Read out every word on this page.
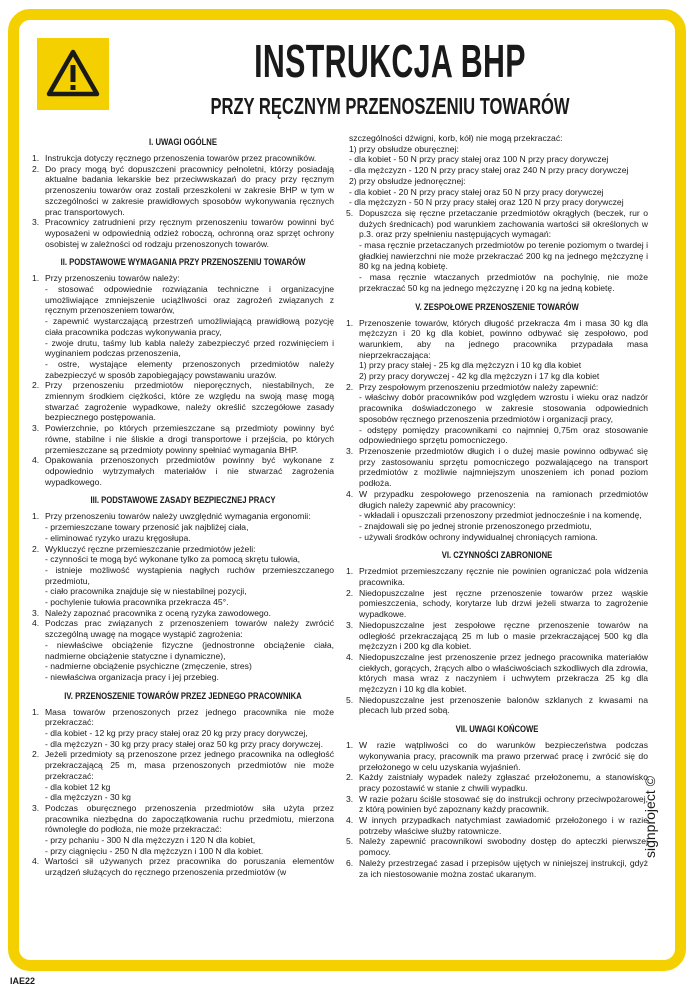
INSTRUKCJA BHP
PRZY RĘCZNYM PRZENOSZENIU TOWARÓW
I. UWAGI OGÓLNE
1. Instrukcja dotyczy ręcznego przenoszenia towarów przez pracowników.
2. Do pracy mogą być dopuszczeni pracownicy pełnoletni, którzy posiadają aktualne badania lekarskie bez przeciwwskazań do pracy przy ręcznym przenoszeniu towarów oraz zostali przeszkoleni w zakresie BHP w tym w szczególności w zakresie prawidłowych sposobów wykonywania ręcznych prac transportowych.
3. Pracownicy zatrudnieni przy ręcznym przenoszeniu towarów powinni być wyposażeni w odpowiednią odzież roboczą, ochronną oraz sprzęt ochrony osobistej w zależności od rodzaju przenoszonych towarów.
II. PODSTAWOWE WYMAGANIA PRZY PRZENOSZENIU TOWARÓW
1. Przy przenoszeniu towarów należy:
- stosować odpowiednie rozwiązania techniczne i organizacyjne umożliwiające zmniejszenie uciążliwości oraz zagrożeń związanych z ręcznym przenoszeniem towarów,
- zapewnić wystarczającą przestrzeń umożliwiającą prawidłową pozycję ciała pracownika podczas wykonywania pracy,
- zwoje drutu, taśmy lub kabla należy zabezpieczyć przed rozwinięciem i wyginaniem podczas przenoszenia,
- ostre, wystające elementy przenoszonych przedmiotów należy zabezpieczyć w sposób zapobiegający powstawaniu urazów.
2. Przy przenoszeniu przedmiotów nieporęcznych, niestabilnych, ze zmiennym środkiem ciężkości, które ze względu na swoją masę mogą stwarzać zagrożenie wypadkowe, należy określić szczegółowe zasady bezpiecznego postępowania.
3. Powierzchnie, po których przemieszczane są przedmioty powinny być równe, stabilne i nie śliskie a drogi transportowe i przejścia, po których przemieszczane są przedmioty powinny spełniać wymagania BHP.
4. Opakowania przenoszonych przedmiotów powinny być wykonane z odpowiednio wytrzymałych materiałów i nie stwarzać zagrożenia wypadkowego.
III. PODSTAWOWE ZASADY BEZPIECZNEJ PRACY
1. Przy przenoszeniu towarów należy uwzględnić wymagania ergonomii:
- przemieszczane towary przenosić jak najbliżej ciała,
- eliminować ryzyko urazu kręgosłupa.
2. Wykluczyć ręczne przemieszczanie przedmiotów jeżeli:
- czynności te mogą być wykonane tylko za pomocą skrętu tułowia,
- istnieje możliwość wystąpienia nagłych ruchów przemieszczanego przedmiotu,
- ciało pracownika znajduje się w niestabilnej pozycji,
- pochylenie tułowia pracownika przekracza 45°.
3. Należy zapoznać pracownika z oceną ryzyka zawodowego.
4. Podczas prac związanych z przenoszeniem towarów należy zwrócić szczególną uwagę na mogące wystąpić zagrożenia:
- niewłaściwe obciążenie fizyczne (jednostronne obciążenie ciała, nadmierne obciążenie statyczne i dynamiczne),
- nadmierne obciążenie psychiczne (zmęczenie, stres)
- niewłaściwa organizacja pracy i jej przebieg.
IV. PRZENOSZENIE TOWARÓW PRZEZ JEDNEGO PRACOWNIKA
1. Masa towarów przenoszonych przez jednego pracownika nie może przekraczać:
- dla kobiet - 12 kg przy pracy stałej oraz 20 kg przy pracy dorywczej,
- dla mężczyzn - 30 kg przy pracy stałej oraz 50 kg przy pracy dorywczej.
2. Jeżeli przedmioty są przenoszone przez jednego pracownika na odległość przekraczającą 25 m, masa przenoszonych przedmiotów nie może przekraczać:
- dla kobiet 12 kg
- dla mężczyzn - 30 kg
3. Podczas oburęcznego przenoszenia przedmiotów siła użyta przez pracownika niezbędna do zapoczątkowania ruchu przedmiotu, mierzona równolegle do podłoża, nie może przekraczać:
- przy pchaniu - 300 N dla mężczyzn i 120 N dla kobiet,
- przy ciągnięciu - 250 N dla mężczyzn i 100 N dla kobiet.
4. Wartości sił używanych przez pracownika do poruszania elementów urządzeń służących do ręcznego przenoszenia przedmiotów (w
szczególności dźwigni, korb, kół) nie mogą przekraczać:
1) przy obsłudze oburęcznej:
- dla kobiet - 50 N przy pracy stałej oraz 100 N przy pracy dorywczej
- dla mężczyzn - 120 N przy pracy stałej oraz 240 N przy pracy dorywczej
2) przy obsłudze jednoręcznej:
- dla kobiet - 20 N przy pracy stałej oraz 50 N przy pracy dorywczej
- dla mężczyzn - 50 N przy pracy stałej oraz 120 N przy pracy dorywczej
5. Dopuszcza się ręczne przetaczanie przedmiotów okrągłych (beczek, rur o dużych średnicach) pod warunkiem zachowania wartości sił określonych w p.3. oraz przy spełnieniu następujących wymagań:
- masa ręcznie przetaczanych przedmiotów po terenie poziomym o twardej i gładkiej nawierzchni nie może przekraczać 200 kg na jednego mężczyznę i 80 kg na jedną kobietę.
- masa ręcznie wtaczanych przedmiotów na pochylnię, nie może przekraczać 50 kg na jednego mężczyznę i 20 kg na jedną kobietę.
V. ZESPOŁOWE PRZENOSZENIE TOWARÓW
1. Przenoszenie towarów, których długość przekracza 4m i masa 30 kg dla mężczyzn i 20 kg dla kobiet, powinno odbywać się zespołowo, pod warunkiem, aby na jednego pracownika przypadała masa nieprzekraczająca:
1) przy pracy stałej - 25 kg dla mężczyzn i 10 kg dla kobiet
2) przy pracy dorywczej - 42 kg dla mężczyzn i 17 kg dla kobiet
2. Przy zespołowym przenoszeniu przedmiotów należy zapewnić:
- właściwy dobór pracowników pod względem wzrostu i wieku oraz nadzór pracownika doświadczonego w zakresie stosowania odpowiednich sposobów ręcznego przenoszenia przedmiotów i organizacji pracy,
- odstępy pomiędzy pracownikami co najmniej 0,75m oraz stosowanie odpowiedniego sprzętu pomocniczego.
3. Przenoszenie przedmiotów długich i o dużej masie powinno odbywać się przy zastosowaniu sprzętu pomocniczego pozwalającego na transport przedmiotów z możliwie najmniejszym unoszeniem ich ponad poziom podłoża.
4. W przypadku zespołowego przenoszenia na ramionach przedmiotów długich należy zapewnić aby pracownicy:
- wkładali i opuszczali przenoszony przedmiot jednocześnie i na komendę,
- znajdowali się po jednej stronie przenoszonego przedmiotu,
- używali środków ochrony indywidualnej chroniących ramiona.
VI. CZYNNOŚCI ZABRONIONE
1. Przedmiot przemieszczany ręcznie nie powinien ograniczać pola widzenia pracownika.
2. Niedopuszczalne jest ręczne przenoszenie towarów przez wąskie pomieszczenia, schody, korytarze lub drzwi jeżeli stwarza to zagrożenie wypadkowe.
3. Niedopuszczalne jest zespołowe ręczne przenoszenie towarów na odległość przekraczającą 25 m lub o masie przekraczającej 500 kg dla mężczyzn i 200 kg dla kobiet.
4. Niedopuszczalne jest przenoszenie przez jednego pracownika materiałów ciekłych, gorących, żrących albo o właściwościach szkodliwych dla zdrowia, których masa wraz z naczyniem i uchwytem przekracza 25 kg dla mężczyzn i 10 kg dla kobiet.
5. Niedopuszczalne jest przenoszenie balonów szklanych z kwasami na plecach lub przed sobą.
VII. UWAGI KOŃCOWE
1. W razie wątpliwości co do warunków bezpieczeństwa podczas wykonywania pracy, pracownik ma prawo przerwać pracę i zwrócić się do przełożonego w celu uzyskania wyjaśnień.
2. Każdy zaistniały wypadek należy zgłaszać przełożonemu, a stanowisko pracy pozostawić w stanie z chwili wypadku.
3. W razie pożaru ściśle stosować się do instrukcji ochrony przeciwpożarowej, z którą powinien być zapoznany każdy pracownik.
4. W innych przypadkach natychmiast zawiadomić przełożonego i w razie potrzeby właściwe służby ratownicze.
5. Należy zapewnić pracownikowi swobodny dostęp do apteczki pierwszej pomocy.
6. Należy przestrzegać zasad i przepisów ujętych w niniejszej instrukcji, gdyż za ich niestosowanie można zostać ukaranym.
signproject ©
IAE22
